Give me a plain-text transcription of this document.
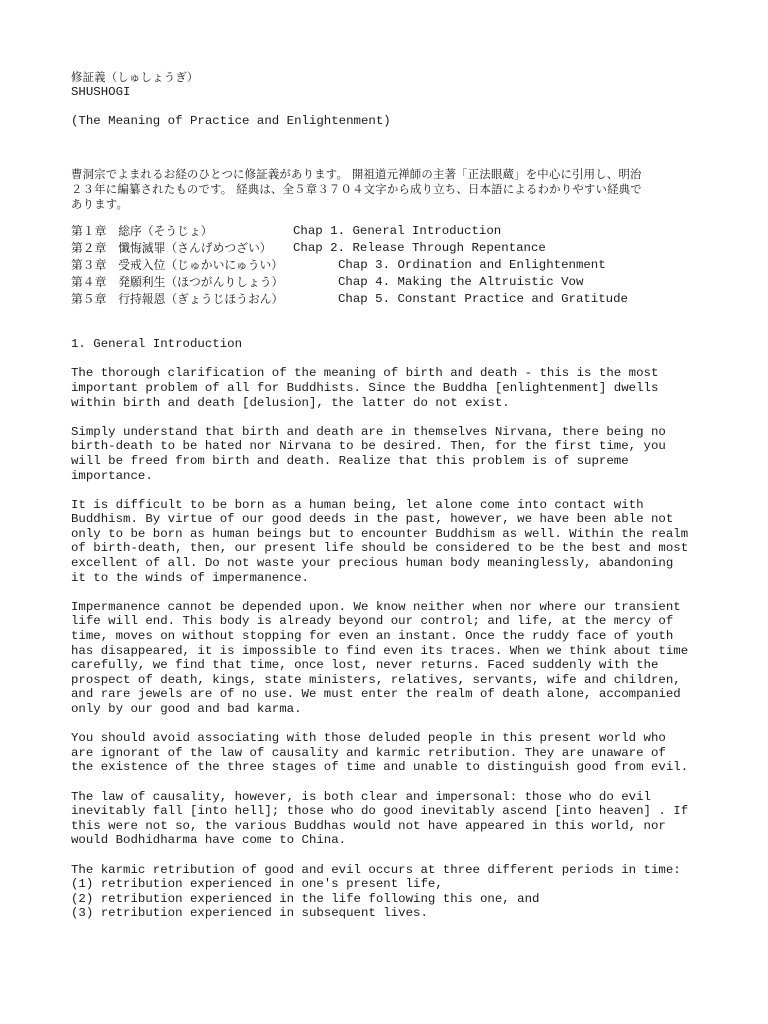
修証義（しゅしょうぎ）
SHUSHOGI
(The Meaning of Practice and Enlightenment)
曹洞宗でよまれるお経のひとつに修証義があります。 開祖道元禅師の主著「正法眼蔵」を中心に引用し、明治
２３年に編纂されたものです。 経典は、全５章３７０４文字から成り立ち、日本語によるわかりやすい経典で
あります。
第１章　総序（そうじょ）	Chap 1. General Introduction
第２章　懺悔滅罪（さんげめつざい）	Chap 2. Release Through Repentance
第３章　受戒入位（じゅかいにゅうい）	Chap 3. Ordination and Enlightenment
第４章　発願利生（ほつがんりしょう）	Chap 4. Making the Altruistic Vow
第５章　行持報恩（ぎょうじほうおん）	Chap 5. Constant Practice and Gratitude
1. General Introduction
The thorough clarification of the meaning of birth and death - this is the most
important problem of all for Buddhists. Since the Buddha [enlightenment] dwells
within birth and death [delusion], the latter do not exist.
Simply understand that birth and death are in themselves Nirvana, there being no
birth-death to be hated nor Nirvana to be desired. Then, for the first time, you
will be freed from birth and death. Realize that this problem is of supreme
importance.
It is difficult to be born as a human being, let alone come into contact with
Buddhism. By virtue of our good deeds in the past, however, we have been able not
only to be born as human beings but to encounter Buddhism as well. Within the realm
of birth-death, then, our present life should be considered to be the best and most
excellent of all. Do not waste your precious human body meaninglessly, abandoning
it to the winds of impermanence.
Impermanence cannot be depended upon. We know neither when nor where our transient
life will end. This body is already beyond our control; and life, at the mercy of
time, moves on without stopping for even an instant. Once the ruddy face of youth
has disappeared, it is impossible to find even its traces. When we think about time
carefully, we find that time, once lost, never returns. Faced suddenly with the
prospect of death, kings, state ministers, relatives, servants, wife and children,
and rare jewels are of no use. We must enter the realm of death alone, accompanied
only by our good and bad karma.
You should avoid associating with those deluded people in this present world who
are ignorant of the law of causality and karmic retribution. They are unaware of
the existence of the three stages of time and unable to distinguish good from evil.
The law of causality, however, is both clear and impersonal: those who do evil
inevitably fall [into hell]; those who do good inevitably ascend [into heaven] . If
this were not so, the various Buddhas would not have appeared in this world, nor
would Bodhidharma have come to China.
The karmic retribution of good and evil occurs at three different periods in time:
(1) retribution experienced in one's present life,
(2) retribution experienced in the life following this one, and
(3) retribution experienced in subsequent lives.
